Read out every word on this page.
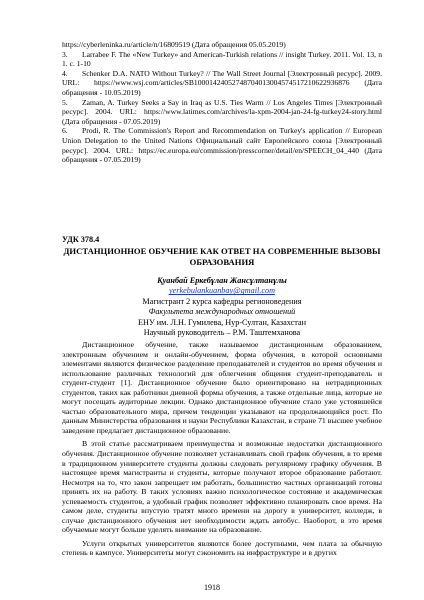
https://cyberleninka.ru/article/n/16809519 (Дата обращения 05.05.2019)

3. Larrabee F. The «New Turkey» and American-Turkish relations // insight Turkey. 2011. Vol. 13, n 1. c. 1-10

4. Schenker D.A. NATO Without Turkey? // The Wall Street Journal [Электронный ресурс]. 2009. URL: https://www.wsj.com/articles/SB100014240527487040130045745172106229368​76 (Дата обращения - 10.05.2019)

5. Zaman, A. Turkey Seeks a Say in Iraq as U.S. Ties Warm // Los Angeles Times [Электронный ресурс]. 2004. URL: https://www.latimes.com/archives/la-xpm-2004-jan-24-fg-turkey24-story.html (Дата обращения - 07.05.2019)

6. Prodi, R. The Commission's Report and Recommendation on Turkey's application // European Union Delegation to the United Nations Официальный сайт Европейского союза [Электронный ресурс]. 2004. URL: https://ec.europa.eu/commission/presscorner/detail/en/SPEECH_04_440 (Дата обращения - 07.05.2019)

УДК 378.4
ДИСТАНЦИОННОЕ ОБУЧЕНИЕ КАК ОТВЕТ НА СОВРЕМЕННЫЕ ВЫЗОВЫ ОБРАЗОВАНИЯ
Қуанбай Еркебұлан Жансұлтанұлы
yerkebulankuanbay@gmail.com
Магистрант 2 курса кафедры регионоведения
Факультета международных отношений
ЕНУ им. Л.Н. Гумилева, Нур-Султан, Казахстан
Научный руководитель – Р.М. Таштемханова

Дистанционное обучение, также называемое дистанционным образованием, электронным обучением и онлайн-обучением, форма обучения, в которой основными элементами являются физическое разделение преподавателей и студентов во время обучения и использование различных технологий для облегчения общения студент-преподаватель и студент-студент [1]. Дистанционное обучение было ориентировано на нетрадиционных студентов, таких как работники дневной формы обучения, а также отдельные лица, которые не могут посещать аудиторные лекции. Однако дистанционное обучение стало уже устоявшейся частью образовательного мира, причем тенденции указывают на продолжающийся рост. По данным Министерства образования и науки Республики Казахстан, в стране 71 высшее учебное заведение предлагает дистанционное образование.

В этой статье рассматриваем преимущества и возможные недостатки дистанционного обучения. Дистанционное обучение позволяет устанавливать свой график обучения, в то время в традиционном университете студенты должны следовать регулярному графику обучения. В настоящее время магистранты и студенты, которые получают второе образование работают. Несмотря на то, что закон запрещает им работать, большинство частных организаций готовы принять их на работу. В таких условиях важно психологическое состояние и академическая успеваемость студентов, а удобный график позволяет эффективно планировать свое время. На самом деле, студенты впустую тратят много времени на дорогу в университет, колледж, в случае дистанционного обучения нет необходимости ждать автобус. Наоборот, в это время обучаемые могут больше уделять внимание на образование.

Услуги открытых университетов являются более доступными, чем плата за обычную степень в кампусе. Университеты могут сэкономить на инфраструктуре и в других

1918
